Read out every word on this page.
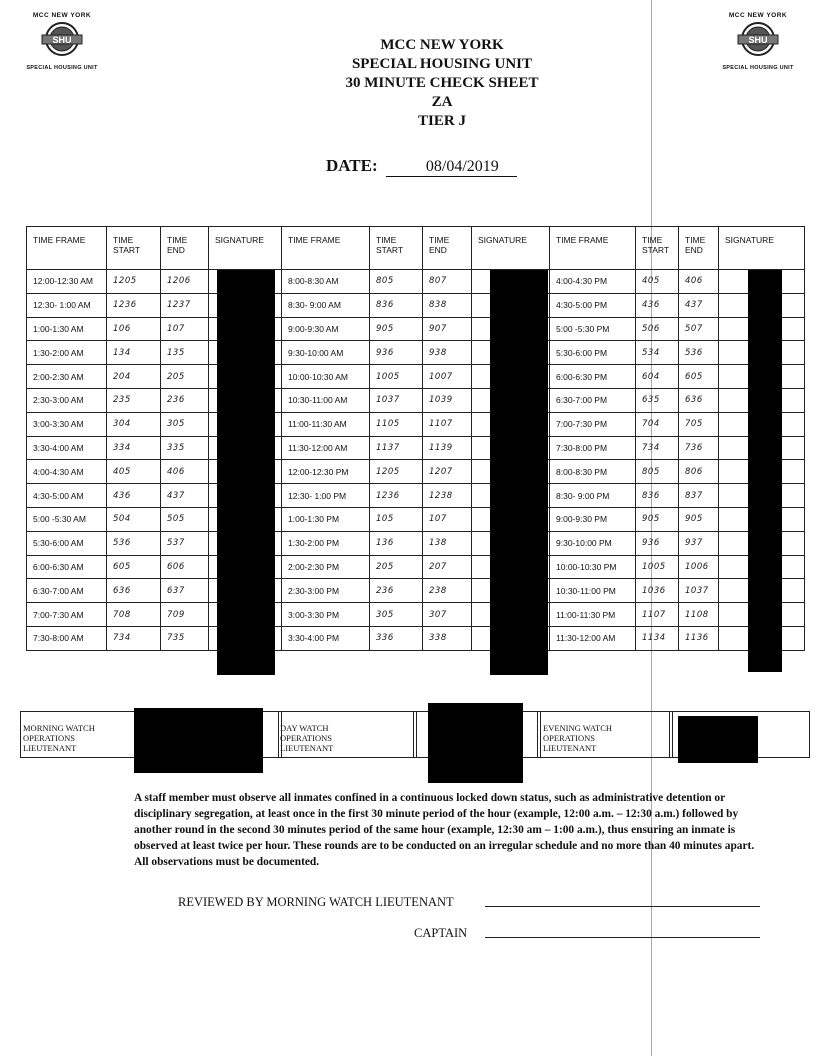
MCC NEW YORK
SHU
SPECIAL HOUSING UNIT
MCC NEW YORK
SHU
SPECIAL HOUSING UNIT
MCC NEW YORK
SPECIAL HOUSING UNIT
30 MINUTE CHECK SHEET
ZA
TIER J
DATE:	08/04/2019
TIME FRAME	TIME START	TIME END	SIGNATURE	TIME FRAME	TIME START	TIME END	SIGNATURE	TIME FRAME	TIME START	TIME END	SIGNATURE
12:00-12:30 AM	1205	1206		8:00-8:30 AM	805	807		4:00-4:30 PM	405	406	
12:30- 1:00 AM	1236	1237		8:30- 9:00 AM	836	838		4:30-5:00 PM	436	437	
1:00-1:30 AM	106	107		9:00-9:30 AM	905	907		5:00 -5:30 PM	506	507	
1:30-2:00 AM	134	135		9:30-10:00 AM	936	938		5:30-6:00 PM	534	536	
2:00-2:30 AM	204	205		10:00-10:30 AM	1005	1007		6:00-6:30 PM	604	605	
2:30-3:00 AM	235	236		10:30-11:00 AM	1037	1039		6:30-7:00 PM	635	636	
3:00-3:30 AM	304	305		11:00-11:30 AM	1105	1107		7:00-7:30 PM	704	705	
3:30-4:00 AM	334	335		11:30-12:00 AM	1137	1139		7:30-8:00 PM	734	736	
4:00-4:30 AM	405	406		12:00-12:30 PM	1205	1207		8:00-8:30 PM	805	806	
4:30-5:00 AM	436	437		12:30- 1:00 PM	1236	1238		8:30- 9:00 PM	836	837	
5:00 -5:30 AM	504	505		1:00-1:30 PM	105	107		9:00-9:30 PM	905	905	
5:30-6:00 AM	536	537		1:30-2:00 PM	136	138		9:30-10:00 PM	936	937	
6:00-6:30 AM	605	606		2:00-2:30 PM	205	207		10:00-10:30 PM	1005	1006	
6:30-7:00 AM	636	637		2:30-3:00 PM	236	238		10:30-11:00 PM	1036	1037	
7:00-7:30 AM	708	709		3:00-3:30 PM	305	307		11:00-11:30 PM	1107	1108	
7:30-8:00 AM	734	735		3:30-4:00 PM	336	338		11:30-12:00 AM	1134	1136	
MORNING WATCH
OPERATIONS
LIEUTENANT
DAY WATCH
OPERATIONS
LIEUTENANT
EVENING WATCH
OPERATIONS
LIEUTENANT
A staff member must observe all inmates confined in a continuous locked down status, such as administrative detention or disciplinary segregation, at least once in the first 30 minute period of the hour (example, 12:00 a.m. – 12:30 a.m.) followed by another round in the second 30 minutes period of the same hour (example, 12:30 am – 1:00 a.m.), thus ensuring an inmate is observed at least twice per hour. These rounds are to be conducted on an irregular schedule and no more than 40 minutes apart. All observations must be documented.
REVIEWED BY MORNING WATCH LIEUTENANT
CAPTAIN
